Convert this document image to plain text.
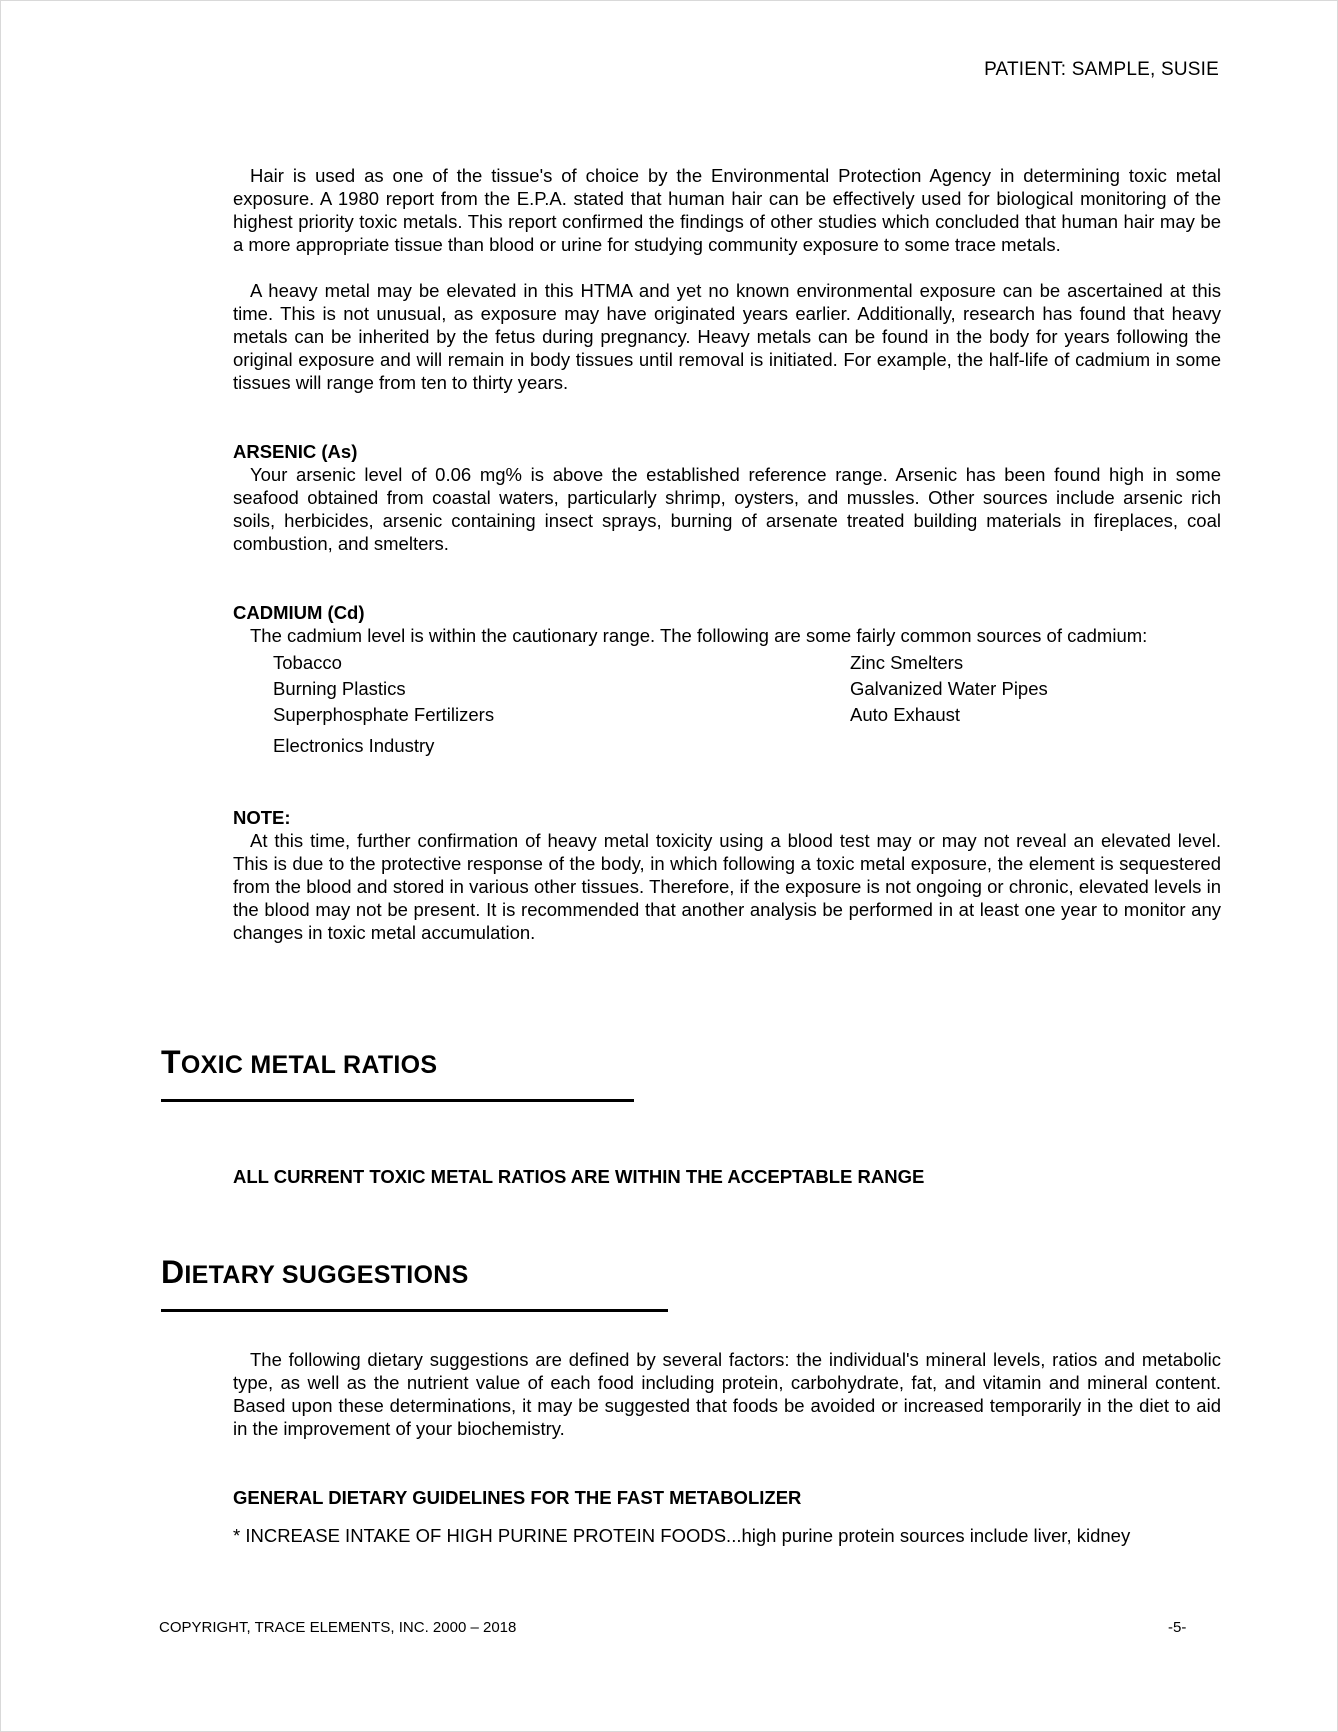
PATIENT: SAMPLE, SUSIE

Hair is used as one of the tissue's of choice by the Environmental Protection Agency in determining toxic metal exposure. A 1980 report from the E.P.A. stated that human hair can be effectively used for biological monitoring of the highest priority toxic metals. This report confirmed the findings of other studies which concluded that human hair may be a more appropriate tissue than blood or urine for studying community exposure to some trace metals.

A heavy metal may be elevated in this HTMA and yet no known environmental exposure can be ascertained at this time. This is not unusual, as exposure may have originated years earlier. Additionally, research has found that heavy metals can be inherited by the fetus during pregnancy. Heavy metals can be found in the body for years following the original exposure and will remain in body tissues until removal is initiated. For example, the half-life of cadmium in some tissues will range from ten to thirty years.

ARSENIC (As)

Your arsenic level of 0.06 mg% is above the established reference range. Arsenic has been found high in some seafood obtained from coastal waters, particularly shrimp, oysters, and mussles. Other sources include arsenic rich soils, herbicides, arsenic containing insect sprays, burning of arsenate treated building materials in fireplaces, coal combustion, and smelters.

CADMIUM (Cd)

The cadmium level is within the cautionary range. The following are some fairly common sources of cadmium:

Tobacco	Zinc Smelters
Burning Plastics	Galvanized Water Pipes
Superphosphate Fertilizers	Auto Exhaust
Electronics Industry

NOTE:

At this time, further confirmation of heavy metal toxicity using a blood test may or may not reveal an elevated level. This is due to the protective response of the body, in which following a toxic metal exposure, the element is sequestered from the blood and stored in various other tissues. Therefore, if the exposure is not ongoing or chronic, elevated levels in the blood may not be present. It is recommended that another analysis be performed in at least one year to monitor any changes in toxic metal accumulation.

TOXIC METAL RATIOS

ALL CURRENT TOXIC METAL RATIOS ARE WITHIN THE ACCEPTABLE RANGE

DIETARY SUGGESTIONS

The following dietary suggestions are defined by several factors: the individual's mineral levels, ratios and metabolic type, as well as the nutrient value of each food including protein, carbohydrate, fat, and vitamin and mineral content. Based upon these determinations, it may be suggested that foods be avoided or increased temporarily in the diet to aid in the improvement of your biochemistry.

GENERAL DIETARY GUIDELINES FOR THE FAST METABOLIZER

* INCREASE INTAKE OF HIGH PURINE PROTEIN FOODS...high purine protein sources include liver, kidney

COPYRIGHT, TRACE ELEMENTS, INC. 2000 – 2018	-5-
